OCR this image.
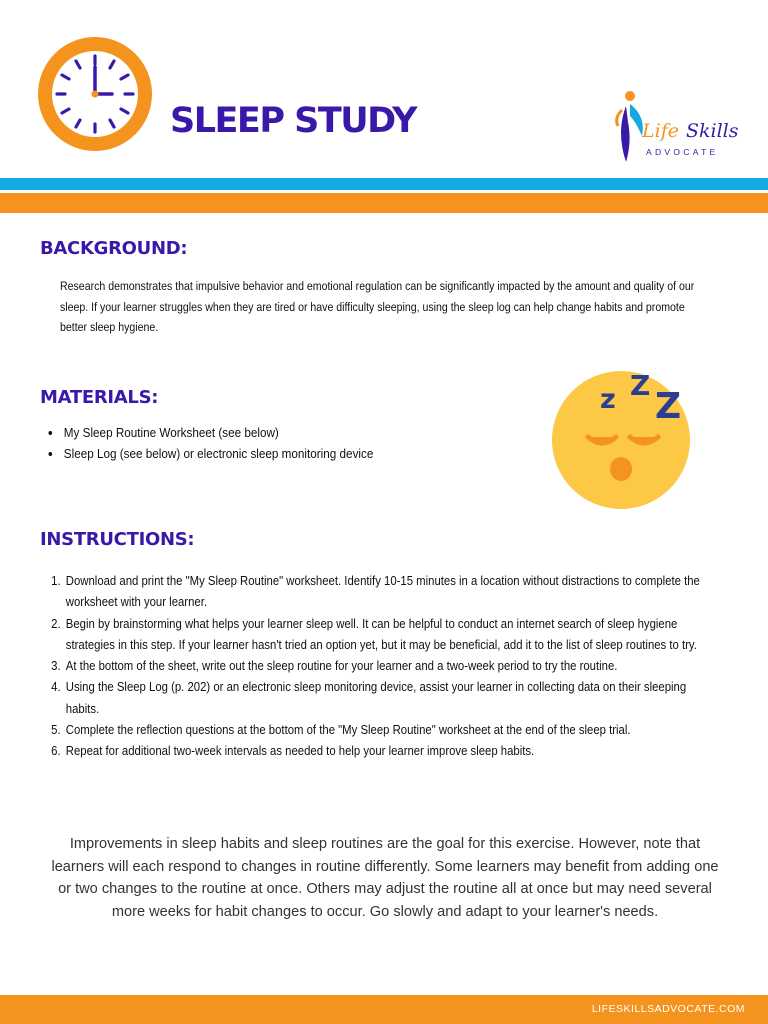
SLEEP STUDY	Life Skills
ADVOCATE
BACKGROUND:
Research demonstrates that impulsive behavior and emotional regulation can be significantly impacted by the amount and quality of our sleep. If your learner struggles when they are tired or have difficulty sleeping, using the sleep log can help change habits and promote better sleep hygiene.
MATERIALS:
• My Sleep Routine Worksheet (see below)
• Sleep Log (see below) or electronic sleep monitoring device
z Z
Z
INSTRUCTIONS:
1. Download and print the "My Sleep Routine" worksheet. Identify 10-15 minutes in a location without distractions to complete the worksheet with your learner.
2. Begin by brainstorming what helps your learner sleep well. It can be helpful to conduct an internet search of sleep hygiene strategies in this step. If your learner hasn't tried an option yet, but it may be beneficial, add it to the list of sleep routines to try.
3. At the bottom of the sheet, write out the sleep routine for your learner and a two-week period to try the routine.
4. Using the Sleep Log (p. 202) or an electronic sleep monitoring device, assist your learner in collecting data on their sleeping habits.
5. Complete the reflection questions at the bottom of the "My Sleep Routine" worksheet at the end of the sleep trial.
6. Repeat for additional two-week intervals as needed to help your learner improve sleep habits.
Improvements in sleep habits and sleep routines are the goal for this exercise. However, note that learners will each respond to changes in routine differently. Some learners may benefit from adding one or two changes to the routine at once. Others may adjust the routine all at once but may need several more weeks for habit changes to occur. Go slowly and adapt to your learner's needs.
LIFESKILLSADVOCATE.COM
